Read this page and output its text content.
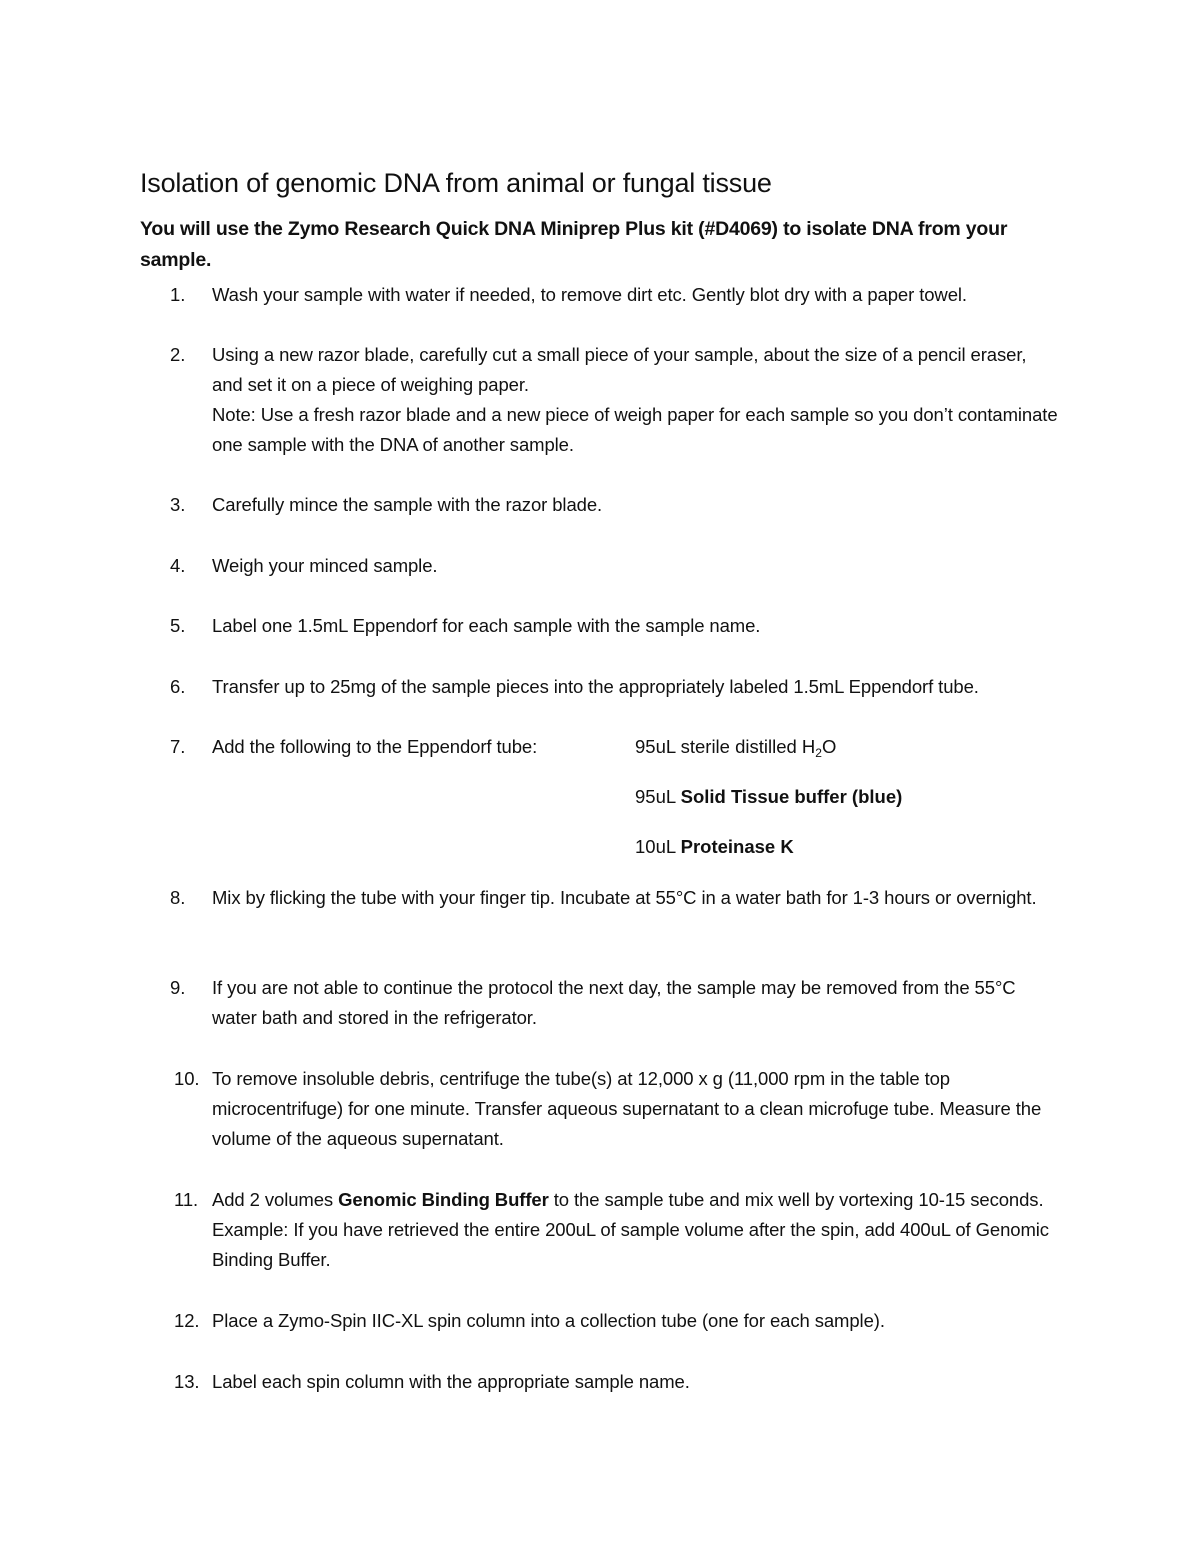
Isolation of genomic DNA from animal or fungal tissue

You will use the Zymo Research Quick DNA Miniprep Plus kit (#D4069) to isolate DNA from your sample.

1.	Wash your sample with water if needed, to remove dirt etc. Gently blot dry with a paper towel.

2.	Using a new razor blade, carefully cut a small piece of your sample, about the size of a pencil eraser, and set it on a piece of weighing paper.

Note: Use a fresh razor blade and a new piece of weigh paper for each sample so you don’t contaminate one sample with the DNA of another sample.

3.	Carefully mince the sample with the razor blade.

4.	Weigh your minced sample.

5.	Label one 1.5mL Eppendorf for each sample with the sample name.

6.	Transfer up to 25mg of the sample pieces into the appropriately labeled 1.5mL Eppendorf tube.

7.	Add the following to the Eppendorf tube:	95uL sterile distilled $H_2O$
95uL Solid Tissue buffer (blue)
10uL Proteinase K
8.	Mix by flicking the tube with your finger tip. Incubate at 55°C in a water bath for 1-3 hours or overnight.

9.	If you are not able to continue the protocol the next day, the sample may be removed from the 55°C water bath and stored in the refrigerator.

10. To remove insoluble debris, centrifuge the tube(s) at 12,000 x g (11,000 rpm in the table top microcentrifuge) for one minute. Transfer aqueous supernatant to a clean microfuge tube. Measure the volume of the aqueous supernatant.

11. Add 2 volumes Genomic Binding Buffer to the sample tube and mix well by vortexing 10-15 seconds. Example: If you have retrieved the entire 200uL of sample volume after the spin, add 400uL of Genomic Binding Buffer.

12. Place a Zymo-Spin IIC-XL spin column into a collection tube (one for each sample).

13. Label each spin column with the appropriate sample name.
